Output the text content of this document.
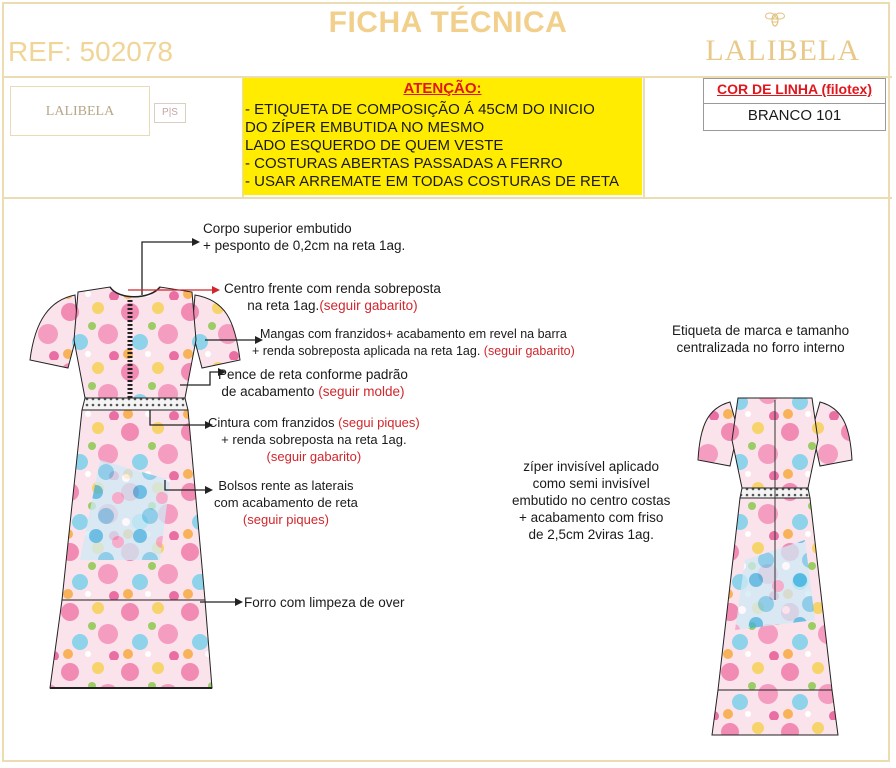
FICHA TÉCNICA
REF: 502078	LALIBELA
LALIBELA	P|S
ATENÇÃO:
- ETIQUETA DE COMPOSIÇÃO Á 45CM DO INICIO
DO ZÍPER EMBUTIDA NO MESMO
LADO ESQUERDO DE QUEM VESTE
- COSTURAS ABERTAS PASSADAS A FERRO
- USAR ARREMATE EM TODAS COSTURAS DE RETA
COR DE LINHA (filotex)
BRANCO 101
Corpo superior embutido
+ pesponto de 0,2cm na reta 1ag.
Centro frente com renda sobreposta
na reta 1ag.(seguir gabarito)
Mangas com franzidos+ acabamento em revel na barra
+ renda sobreposta aplicada na reta 1ag. (seguir gabarito)
Pence de reta conforme padrão
de acabamento (seguir molde)
Cintura com franzidos (segui piques)
+ renda sobreposta na reta 1ag.
(seguir gabarito)
Bolsos rente as laterais
com acabamento de reta
(seguir piques)
Forro com limpeza de over
Etiqueta de marca e tamanho
centralizada no forro interno
zíper invisível aplicado
como semi invisível
embutido no centro costas
+ acabamento com friso
de 2,5cm 2viras 1ag.
